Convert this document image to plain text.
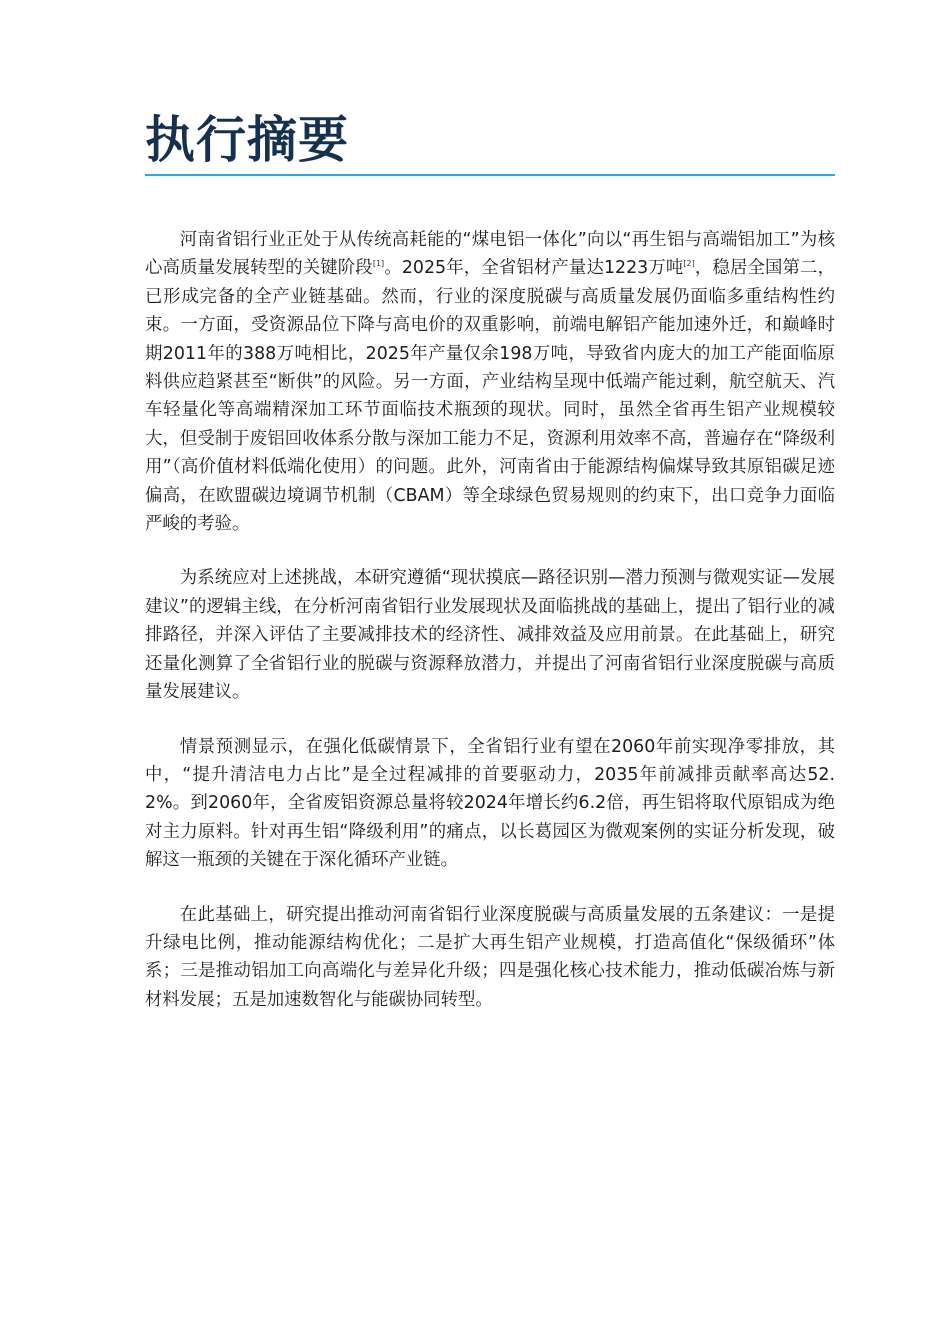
执行摘要

河南省铝行业正处于从传统高耗能的“煤电铝一体化”向以“再生铝与高端铝加工”为核心高质量发展转型的关键阶段[1]。2025年，全省铝材产量达1223万吨[2]，稳居全国第二，已形成完备的全产业链基础。然而，行业的深度脱碳与高质量发展仍面临多重结构性约束。一方面，受资源品位下降与高电价的双重影响，前端电解铝产能加速外迁，和巅峰时期2011年的388万吨相比，2025年产量仅余198万吨，导致省内庞大的加工产能面临原料供应趋紧甚至“断供”的风险。另一方面，产业结构呈现中低端产能过剩，航空航天、汽车轻量化等高端精深加工环节面临技术瓶颈的现状。同时，虽然全省再生铝产业规模较大，但受制于废铝回收体系分散与深加工能力不足，资源利用效率不高，普遍存在“降级利用”（高价值材料低端化使用）的问题。此外，河南省由于能源结构偏煤导致其原铝碳足迹偏高，在欧盟碳边境调节机制（CBAM）等全球绿色贸易规则的约束下，出口竞争力面临严峻的考验。

为系统应对上述挑战，本研究遵循“现状摸底—路径识别—潜力预测与微观实证—发展建议”的逻辑主线，在分析河南省铝行业发展现状及面临挑战的基础上，提出了铝行业的减排路径，并深入评估了主要减排技术的经济性、减排效益及应用前景。在此基础上，研究还量化测算了全省铝行业的脱碳与资源释放潜力，并提出了河南省铝行业深度脱碳与高质量发展建议。

情景预测显示，在强化低碳情景下，全省铝行业有望在2060年前实现净零排放，其中，“提升清洁电力占比”是全过程减排的首要驱动力，2035年前减排贡献率高达52.2%。到2060年，全省废铝资源总量将较2024年增长约6.2倍，再生铝将取代原铝成为绝对主力原料。针对再生铝“降级利用”的痛点，以长葛园区为微观案例的实证分析发现，破解这一瓶颈的关键在于深化循环产业链。

在此基础上，研究提出推动河南省铝行业深度脱碳与高质量发展的五条建议：一是提升绿电比例，推动能源结构优化；二是扩大再生铝产业规模，打造高值化“保级循环”体系；三是推动铝加工向高端化与差异化升级；四是强化核心技术能力，推动低碳冶炼与新材料发展；五是加速数智化与能碳协同转型。
